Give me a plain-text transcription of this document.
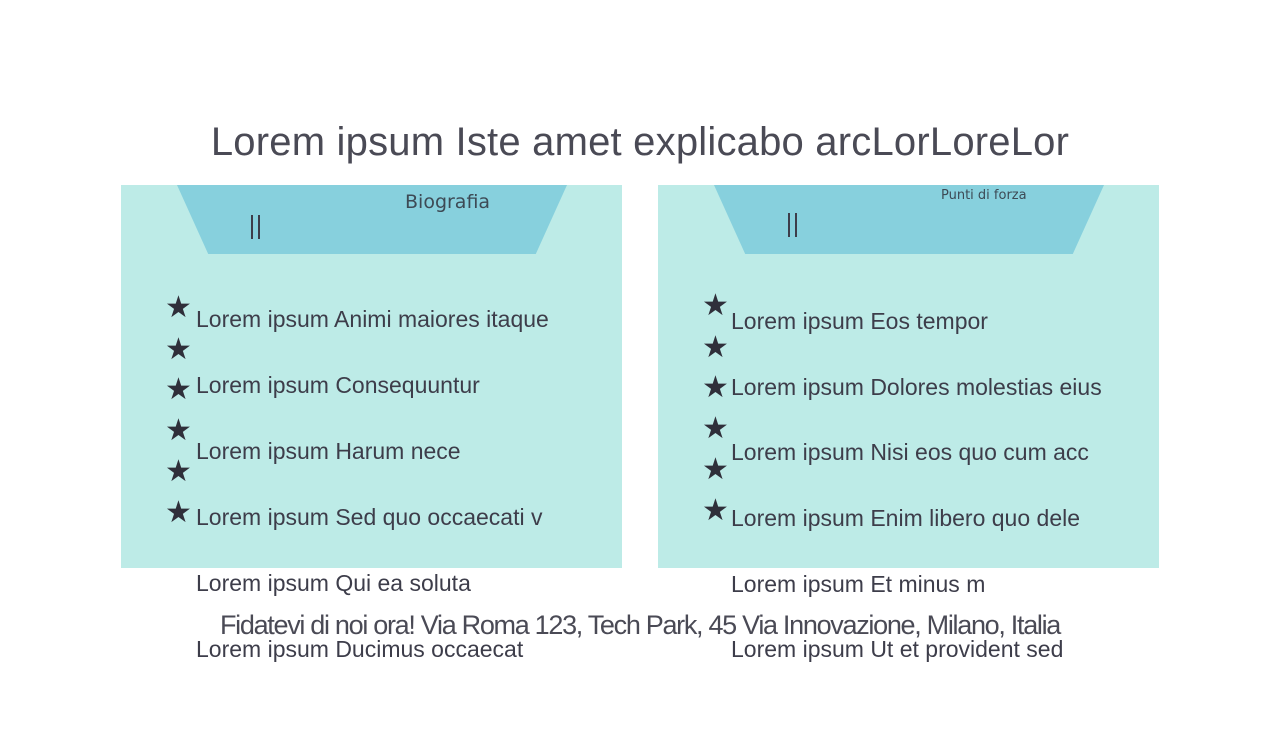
Lorem ipsum Iste amet explicabo arcLorLoreLor
Biografia
★
★
★
★
★
★
Lorem ipsum Animi maiores itaque
Lorem ipsum Consequuntur
Lorem ipsum Harum nece
Lorem ipsum Sed quo occaecati v
Punti di forza
★
★
★
★
★
★
Lorem ipsum Eos tempor
Lorem ipsum Dolores molestias eius
Lorem ipsum Nisi eos quo cum acc
Lorem ipsum Enim libero quo dele
Lorem ipsum Qui ea soluta
Lorem ipsum Ducimus occaecat
Lorem ipsum Et minus m
Lorem ipsum Ut et provident sed
Fidatevi di noi ora! Via Roma 123, Tech Park, 45 Via Innovazione, Milano, Italia
